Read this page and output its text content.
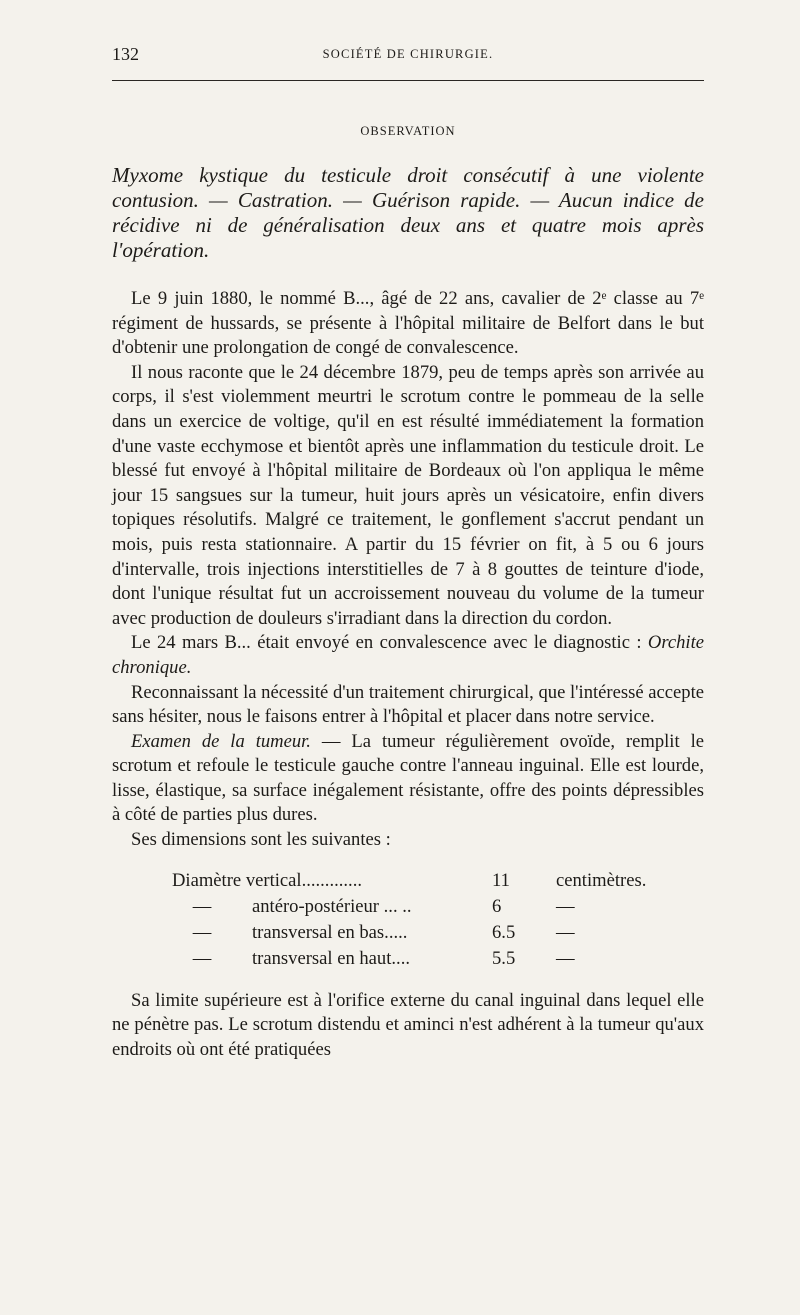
132	SOCIÉTÉ DE CHIRURGIE.
OBSERVATION
Myxome kystique du testicule droit consécutif à une violente contusion. — Castration. — Guérison rapide. — Aucun indice de récidive ni de généralisation deux ans et quatre mois après l'opération.

Le 9 juin 1880, le nommé B..., âgé de 22 ans, cavalier de 2ᵉ classe au 7ᵉ régiment de hussards, se présente à l'hôpital militaire de Belfort dans le but d'obtenir une prolongation de congé de convalescence.

Il nous raconte que le 24 décembre 1879, peu de temps après son arrivée au corps, il s'est violemment meurtri le scrotum contre le pommeau de la selle dans un exercice de voltige, qu'il en est résulté immédiatement la formation d'une vaste ecchymose et bientôt après une inflammation du testicule droit. Le blessé fut envoyé à l'hôpital militaire de Bordeaux où l'on appliqua le même jour 15 sangsues sur la tumeur, huit jours après un vésicatoire, enfin divers topiques résolutifs. Malgré ce traitement, le gonflement s'accrut pendant un mois, puis resta stationnaire. A partir du 15 février on fit, à 5 ou 6 jours d'intervalle, trois injections interstitielles de 7 à 8 gouttes de teinture d'iode, dont l'unique résultat fut un accroissement nouveau du volume de la tumeur avec production de douleurs s'irradiant dans la direction du cordon.

Le 24 mars B... était envoyé en convalescence avec le diagnostic : Orchite chronique.

Reconnaissant la nécessité d'un traitement chirurgical, que l'intéressé accepte sans hésiter, nous le faisons entrer à l'hôpital et placer dans notre service.

Examen de la tumeur. — La tumeur régulièrement ovoïde, remplit le scrotum et refoule le testicule gauche contre l'anneau inguinal. Elle est lourde, lisse, élastique, sa surface inégalement résistante, offre des points dépressibles à côté de parties plus dures.

Ses dimensions sont les suivantes :

Diamètre vertical.............		11	centimètres.
—	antéro-postérieur ... ..	6	—
—	transversal en bas.....	6.5	—
—	transversal en haut....	5.5	—

Sa limite supérieure est à l'orifice externe du canal inguinal dans lequel elle ne pénètre pas. Le scrotum distendu et aminci n'est adhérent à la tumeur qu'aux endroits où ont été pratiquées
